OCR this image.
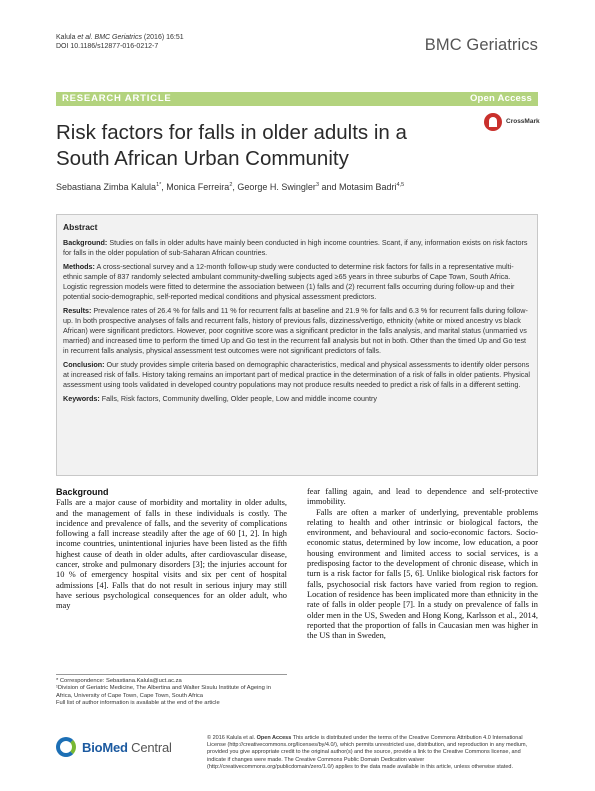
Kalula et al. BMC Geriatrics (2016) 16:51
DOI 10.1186/s12877-016-0212-7	BMC Geriatrics
RESEARCH ARTICLE	Open Access
Risk factors for falls in older adults in a South African Urban Community
CrossMark
Sebastiana Zimba Kalula$^{1*}$, Monica Ferreira$^2$, George H. Swingler$^3$ and Motasim Badri$^{4,5}$
Abstract

Background: Studies on falls in older adults have mainly been conducted in high income countries. Scant, if any, information exists on risk factors for falls in the older population of sub-Saharan African countries.

Methods: A cross-sectional survey and a 12-month follow-up study were conducted to determine risk factors for falls in a representative multi-ethnic sample of 837 randomly selected ambulant community-dwelling subjects aged ≥65 years in three suburbs of Cape Town, South Africa. Logistic regression models were fitted to determine the association between (1) falls and (2) recurrent falls occurring during follow-up and their potential socio-demographic, self-reported medical conditions and physical assessment predictors.

Results: Prevalence rates of 26.4 % for falls and 11 % for recurrent falls at baseline and 21.9 % for falls and 6.3 % for recurrent falls during follow-up. In both prospective analyses of falls and recurrent falls, history of previous falls, dizziness/vertigo, ethnicity (white or mixed ancestry vs black African) were significant predictors. However, poor cognitive score was a significant predictor in the falls analysis, and marital status (unmarried vs married) and increased time to perform the timed Up and Go test in the recurrent fall analysis but not in both. Other than the timed Up and Go test in recurrent falls analysis, physical assessment test outcomes were not significant predictors of falls.

Conclusion: Our study provides simple criteria based on demographic characteristics, medical and physical assessments to identify older persons at increased risk of falls. History taking remains an important part of medical practice in the determination of a risk of falls in older patients. Physical assessment using tools validated in developed country populations may not produce results needed to predict a risk of falls in a different setting.

Keywords: Falls, Risk factors, Community dwelling, Older people, Low and middle income country

Background

Falls are a major cause of morbidity and mortality in older adults, and the management of falls in these individuals is costly. The incidence and prevalence of falls, and the severity of complications following a fall increase steadily after the age of 60 [1, 2]. In high income countries, unintentional injuries have been listed as the fifth highest cause of death in older adults, after cardiovascular disease, cancer, stroke and pulmonary disorders [3]; the injuries account for 10 % of emergency hospital visits and six per cent of hospital admissions [4]. Falls that do not result in serious injury may still have serious psychological consequences for an older adult, who may

fear falling again, and lead to dependence and self-protective immobility.

Falls are often a marker of underlying, preventable problems relating to health and other intrinsic or biological factors, the environment, and behavioural and socio-economic factors. Socio-economic status, determined by low income, low education, a poor housing environment and limited access to social services, is a predisposing factor to the development of chronic disease, which in turn is a risk factor for falls [5, 6]. Unlike biological risk factors for falls, psychosocial risk factors have varied from region to region. Location of residence has been implicated more than ethnicity in the rate of falls in older people [7]. In a study on prevalence of falls in older men in the US, Sweden and Hong Kong, Karlsson et al., 2014, reported that the proportion of falls in Caucasian men was higher in the US than in Sweden,

* Correspondence: Sebastiana.Kalula@uct.ac.za
¹Division of Geriatric Medicine, The Albertina and Walter Sisulu Institute of Ageing in Africa, University of Cape Town, Cape Town, South Africa
Full list of author information is available at the end of the article
BioMed Central
© 2016 Kalula et al. Open Access This article is distributed under the terms of the Creative Commons Attribution 4.0 International License (http://creativecommons.org/licenses/by/4.0/), which permits unrestricted use, distribution, and reproduction in any medium, provided you give appropriate credit to the original author(s) and the source, provide a link to the Creative Commons license, and indicate if changes were made. The Creative Commons Public Domain Dedication waiver (http://creativecommons.org/publicdomain/zero/1.0/) applies to the data made available in this article, unless otherwise stated.
